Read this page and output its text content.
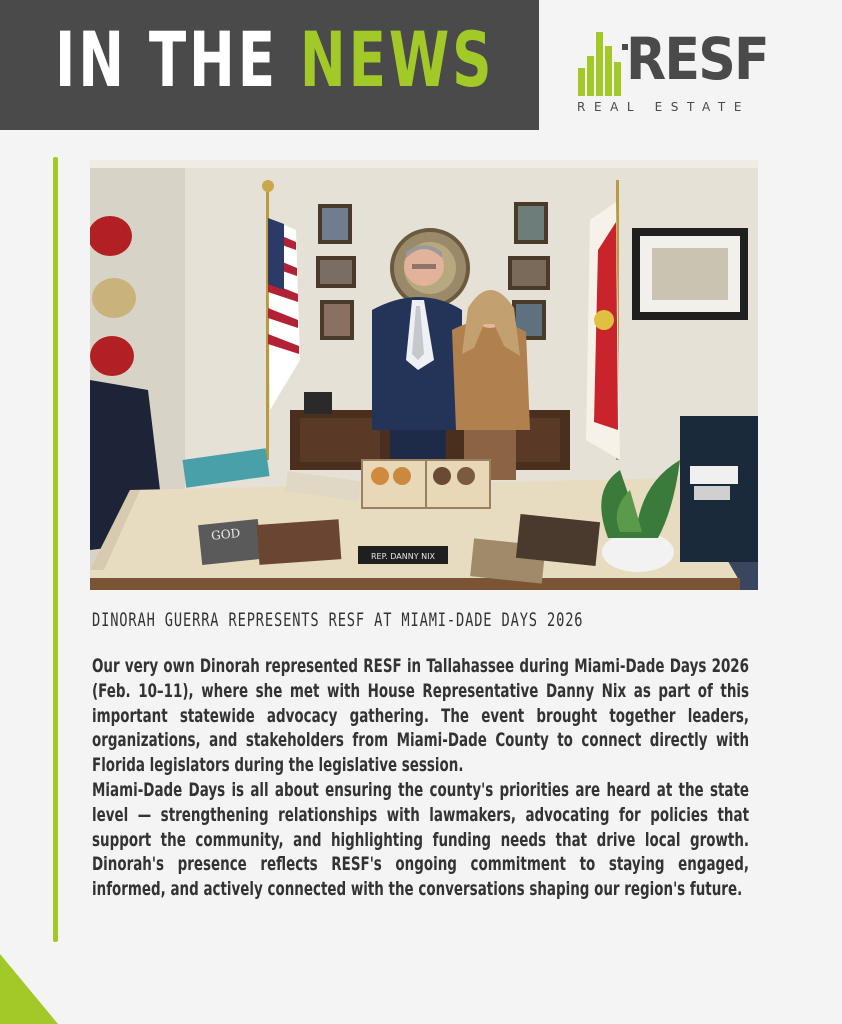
IN THE NEWS RESF
REAL ESTATE
GOD
REP. DANNY NIX
DINORAH GUERRA REPRESENTS RESF AT MIAMI-DADE DAYS 2026

Our very own Dinorah represented RESF in Tallahassee during Miami-Dade Days 2026 (Feb. 10–11), where she met with House Representative Danny Nix as part of this important statewide advocacy gathering. The event brought together leaders, organizations, and stakeholders from Miami-Dade County to connect directly with Florida legislators during the legislative session.

Miami-Dade Days is all about ensuring the county's priorities are heard at the state level — strengthening relationships with lawmakers, advocating for policies that support the community, and highlighting funding needs that drive local growth. Dinorah's presence reflects RESF's ongoing commitment to staying engaged, informed, and actively connected with the conversations shaping our region's future.
